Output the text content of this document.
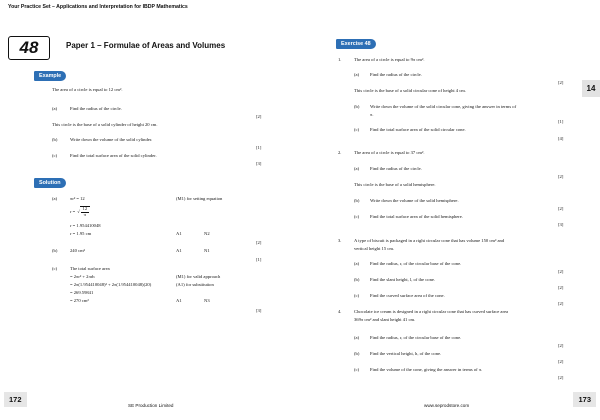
Your Practice Set – Applications and Interpretation for IBDP Mathematics
48	Paper 1 – Formulae of Areas and Volumes
Example
The area of a circle is equal to 12 cm².
(a)	Find the radius of the circle.
[2]
This circle is the base of a solid cylinder of height 20 cm.
(b)	Write down the volume of the solid cylinder.
[1]
(c)	Find the total surface area of the solid cylinder.
[3]
Solution
(a)	πr² = 12	(M1) for setting equation
r = √ $\frac{12}{\pi}$
r = 1.954410048
r = 1.95 cm	A1	N2
[2]
(b)	240 cm³	A1	N1
[1]
(c)	The total surface area
= 2πr² + 2πrh	(M1) for valid approach
= 2π(1.954410048)² + 2π(1.954410048)(20)	(A1) for substitution
= 269.59841
= 270 cm²	A1	N3
[3]
Exercise 48
1.	The area of a circle is equal to 9π cm².
(a) Find the radius of the circle.
[2]
This circle is the base of a solid circular cone of height 4 cm.
(b) Write down the volume of the solid circular cone, giving the answer in terms of
π.
[1]
(c) Find the total surface area of the solid circular cone.
[4]
2.	The area of a circle is equal to 37 cm².
(a) Find the radius of the circle.
[2]
This circle is the base of a solid hemisphere.
(b) Write down the volume of the solid hemisphere.
[2]
(c) Find the total surface area of the solid hemisphere.
[3]
3.	A type of biscuit is packaged in a right circular cone that has volume 150 cm³ and
vertical height 15 cm.
(a) Find the radius, r, of the circular base of the cone.
[2]
(b) Find the slant height, l, of the cone.
[2]
(c) Find the curved surface area of the cone.
[2]
4.	Chocolate ice cream is designed in a right circular cone that has curved surface area
369π cm² and slant height 41 cm.
(a) Find the radius, r, of the circular base of the cone.
[2]
(b) Find the vertical height, h, of the cone.
[2]
(c) Find the volume of the cone, giving the answer in terms of π.
[2]
14
172
SE Production Limited	www.seprodstore.com
173
